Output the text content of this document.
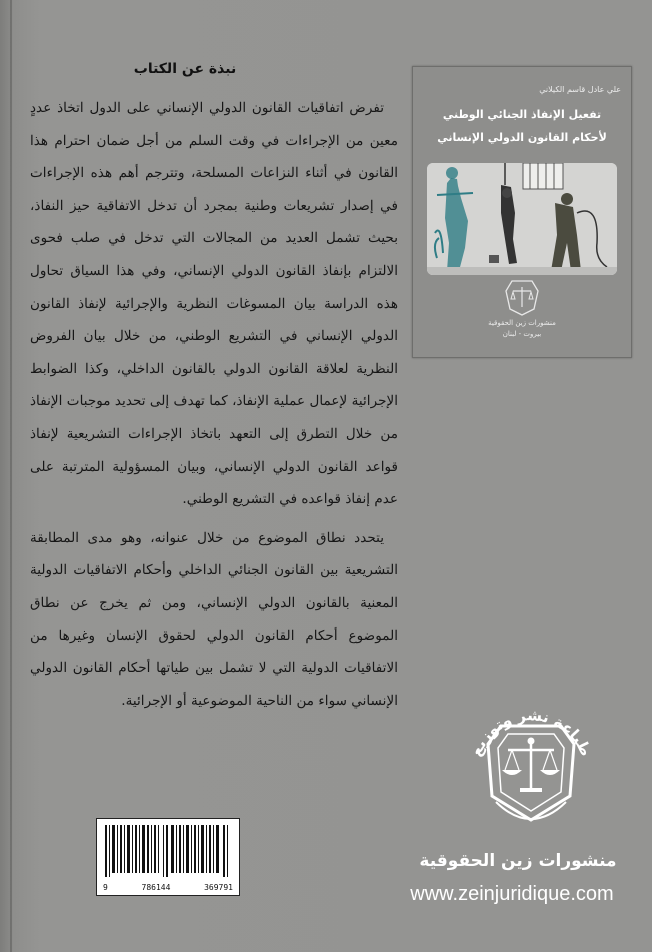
نبذة عن الكتاب

تفرض اتفاقيات القانون الدولي الإنساني على الدول اتخاذ عددٍ معين من الإجراءات في وقت السلم من أجل ضمان احترام هذا القانون في أثناء النزاعات المسلحة، وتترجم أهم هذه الإجراءات في إصدار تشريعات وطنية بمجرد أن تدخل الاتفاقية حيز النفاذ، بحيث تشمل العديد من المجالات التي تدخل في صلب فحوى الالتزام بإنفاذ القانون الدولي الإنساني، وفي هذا السياق تحاول هذه الدراسة بيان المسوغات النظرية والإجرائية لإنفاذ القانون الدولي الإنساني في التشريع الوطني، من خلال بيان الفروض النظرية لعلاقة القانون الدولي بالقانون الداخلي، وكذا الضوابط الإجرائية لإعمال عملية الإنفاذ، كما تهدف إلى تحديد موجبات الإنفاذ من خلال التطرق إلى التعهد باتخاذ الإجراءات التشريعية لإنفاذ قواعد القانون الدولي الإنساني، وبيان المسؤولية المترتبة على عدم إنفاذ قواعده في التشريع الوطني.

يتحدد نطاق الموضوع من خلال عنوانه، وهو مدى المطابقة التشريعية بين القانون الجنائي الداخلي وأحكام الاتفاقيات الدولية المعنية بالقانون الدولي الإنساني، ومن ثم يخرج عن نطاق الموضوع أحكام القانون الدولي لحقوق الإنسان وغيرها من الاتفاقيات الدولية التي لا تشمل بين طياتها أحكام القانون الدولي الإنساني سواء من الناحية الموضوعية أو الإجرائية.

علي عادل قاسم الكيلاني
تفعيل الإنفاذ الجنائي الوطني
لأحكام القانون الدولي الإنساني
منشورات زين الحقوقية
بيروت - لبنان
طباعة نشر وتوزيع
منشورات زين الحقوقية
www.zeinjuridique.com
9	786144	369791
